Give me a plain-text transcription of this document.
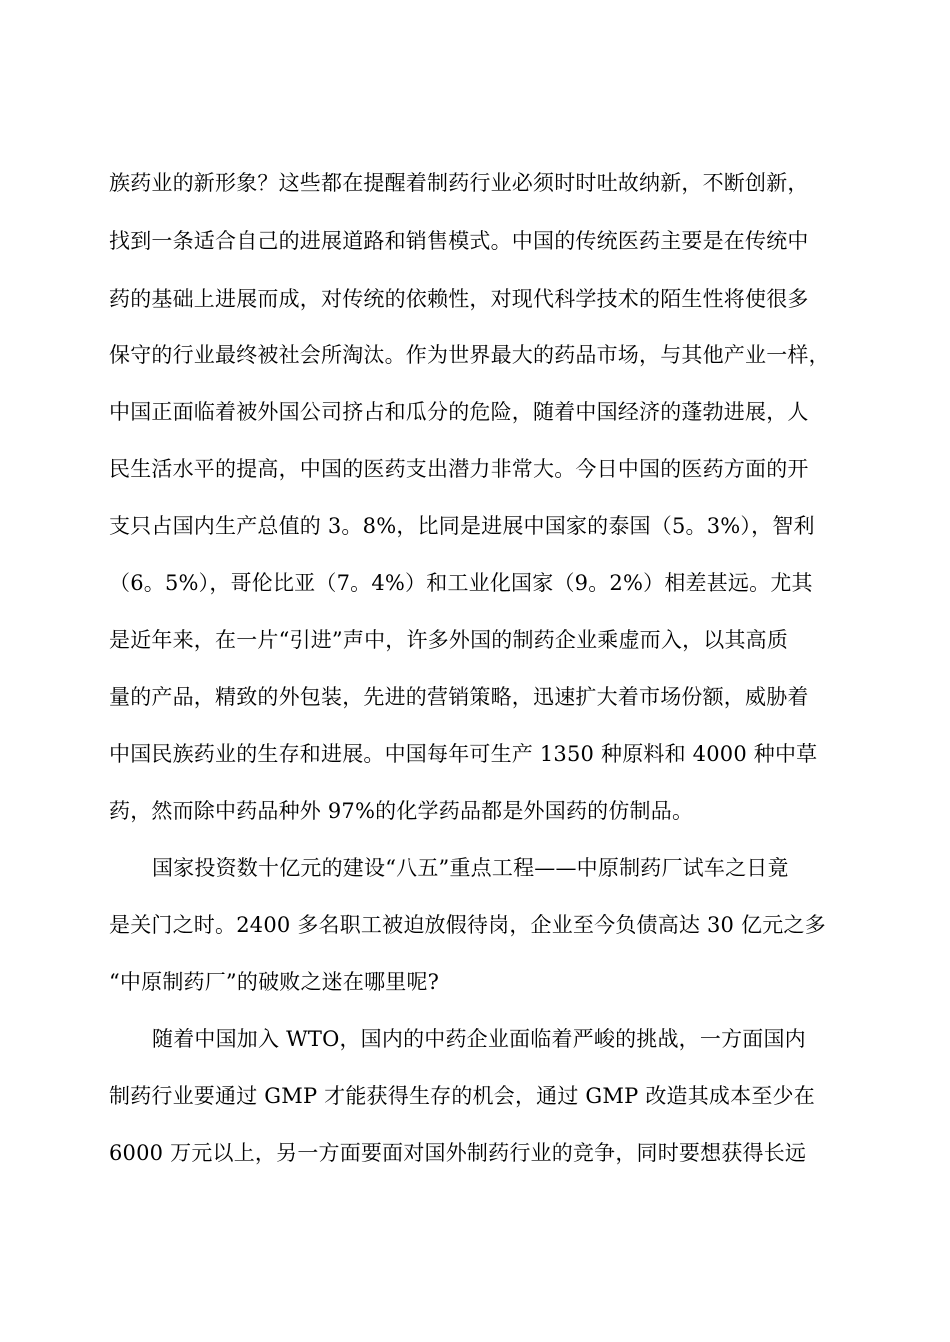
族药业的新形象？这些都在提醒着制药行业必须时时吐故纳新，不断创新，
找到一条适合自己的进展道路和销售模式。中国的传统医药主要是在传统中
药的基础上进展而成，对传统的依赖性，对现代科学技术的陌生性将使很多
保守的行业最终被社会所淘汰。作为世界最大的药品市场，与其他产业一样，
中国正面临着被外国公司挤占和瓜分的危险，随着中国经济的蓬勃进展，人
民生活水平的提高，中国的医药支出潜力非常大。今日中国的医药方面的开
支只占国内生产总值的 3。8%，比同是进展中国家的泰国（5。3%），智利
（6。5%），哥伦比亚（7。4%）和工业化国家（9。2%）相差甚远。尤其
是近年来，在一片“引进”声中，许多外国的制药企业乘虚而入，以其高质
量的产品，精致的外包装，先进的营销策略，迅速扩大着市场份额，威胁着
中国民族药业的生存和进展。中国每年可生产 1350 种原料和 4000 种中草
药，然而除中药品种外 97%的化学药品都是外国药的仿制品。
国家投资数十亿元的建设“八五”重点工程——中原制药厂试车之日竟
是关门之时。2400 多名职工被迫放假待岗，企业至今负债高达 30 亿元之多
“中原制药厂”的破败之迷在哪里呢?
随着中国加入 WTO，国内的中药企业面临着严峻的挑战，一方面国内
制药行业要通过 GMP 才能获得生存的机会，通过 GMP 改造其成本至少在
6000 万元以上，另一方面要面对国外制药行业的竞争，同时要想获得长远
